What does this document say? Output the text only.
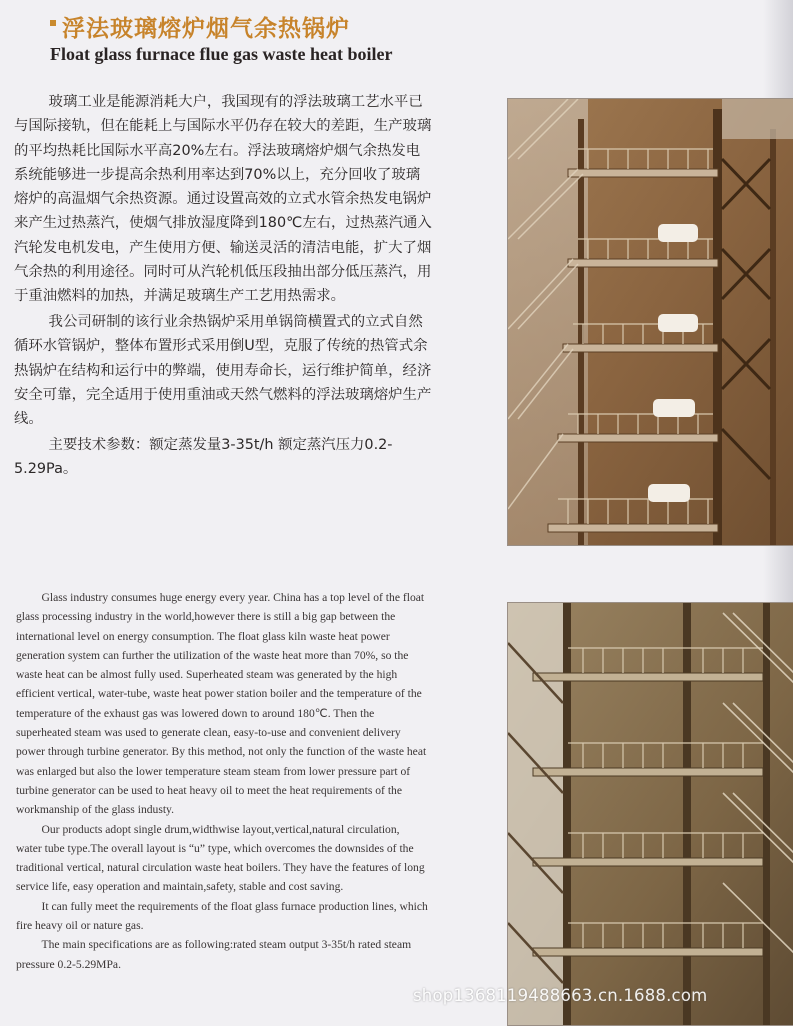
浮法玻璃熔炉烟气余热锅炉
Float glass furnace flue gas waste heat boiler

玻璃工业是能源消耗大户，我国现有的浮法玻璃工艺水平已与国际接轨，但在能耗上与国际水平仍存在较大的差距，生产玻璃的平均热耗比国际水平高20%左右。浮法玻璃熔炉烟气余热发电系统能够进一步提高余热利用率达到70%以上，充分回收了玻璃熔炉的高温烟气余热资源。通过设置高效的立式水管余热发电锅炉来产生过热蒸汽，使烟气排放湿度降到180℃左右，过热蒸汽通入汽轮发电机发电，产生使用方便、输送灵活的清洁电能，扩大了烟气余热的利用途径。同时可从汽轮机低压段抽出部分低压蒸汽，用于重油燃料的加热，并满足玻璃生产工艺用热需求。

我公司研制的该行业余热锅炉采用单锅筒横置式的立式自然循环水管锅炉，整体布置形式采用倒U型，克服了传统的热管式余热锅炉在结构和运行中的弊端，使用寿命长，运行维护简单，经济安全可靠，完全适用于使用重油或天然气燃料的浮法玻璃熔炉生产线。

主要技术参数：额定蒸发量3-35t/h 额定蒸汽压力0.2-5.29Pa。

Glass industry consumes huge energy every year. China has a top level of the float glass processing industry in the world,however there is still a big gap between the international level on energy consumption. The float glass kiln waste heat power generation system can further the utilization of the waste heat more than 70%, so the waste heat can be almost fully used. Superheated steam was generated by the high efficient vertical, water-tube, waste heat power station boiler and the temperature of the temperature of the exhaust gas was lowered down to around 180℃. Then the superheated steam was used to generate clean, easy-to-use and convenient delivery power through turbine generator. By this method, not only the function of the waste heat was enlarged but also the lower temperature steam steam from lower pressure part of turbine generator can be used to heat heavy oil to meet the heat requirements of the workmanship of the glass industy.

Our products adopt single drum,widthwise layout,vertical,natural circulation, water tube type.The overall layout is “u” type, which overcomes the downsides of the traditional vertical, natural circulation waste heat boilers. They have the features of long service life, easy operation and maintain,safety, stable and cost saving.

It can fully meet the requirements of the float glass furnace production lines, which fire heavy oil or nature gas.

The main specifications are as following:rated steam output 3-35t/h rated steam pressure 0.2-5.29MPa.

shop1368119488663.cn.1688.com
